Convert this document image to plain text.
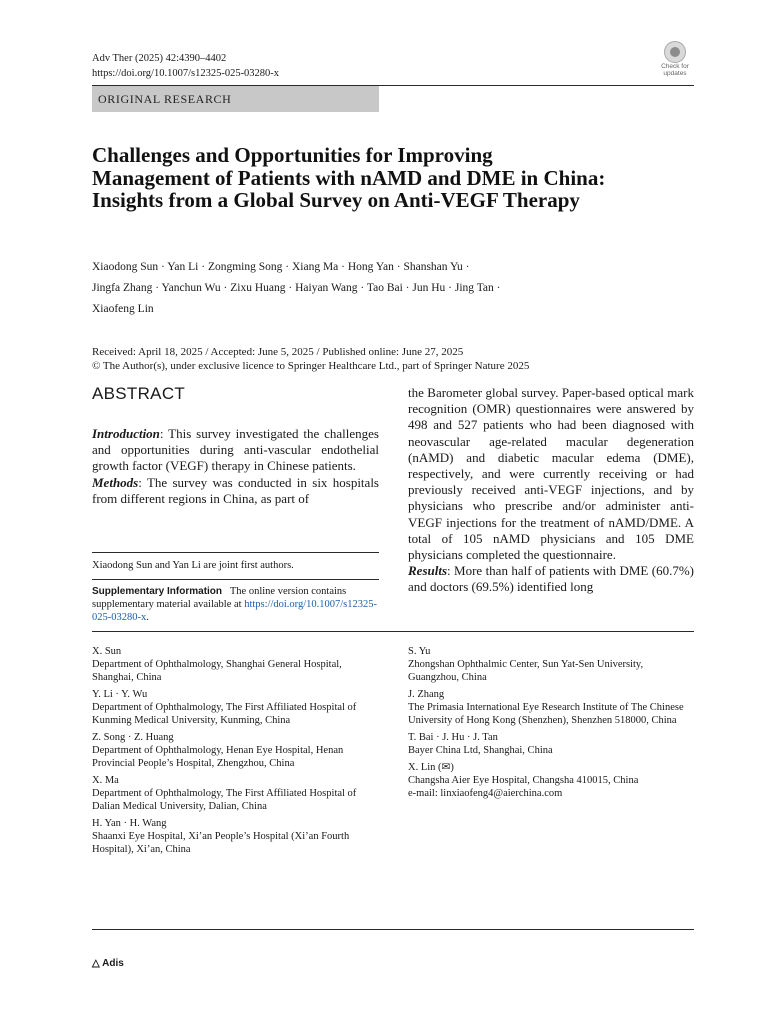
Adv Ther (2025) 42:4390–4402
https://doi.org/10.1007/s12325-025-03280-x
Check for
updates
ORIGINAL RESEARCH
Challenges and Opportunities for Improving Management of Patients with nAMD and DME in China: Insights from a Global Survey on Anti-VEGF Therapy
Xiaodong Sun · Yan Li · Zongming Song · Xiang Ma · Hong Yan · Shanshan Yu ·
Jingfa Zhang · Yanchun Wu · Zixu Huang · Haiyan Wang · Tao Bai · Jun Hu · Jing Tan ·
Xiaofeng Lin
Received: April 18, 2025 / Accepted: June 5, 2025 / Published online: June 27, 2025
© The Author(s), under exclusive licence to Springer Healthcare Ltd., part of Springer Nature 2025
ABSTRACT

Introduction: This survey investigated the challenges and opportunities during anti-vascular endothelial growth factor (VEGF) therapy in Chinese patients.

Methods: The survey was conducted in six hospitals from different regions in China, as part of

the Barometer global survey. Paper-based optical mark recognition (OMR) questionnaires were answered by 498 and 527 patients who had been diagnosed with neovascular age-related macular degeneration (nAMD) and diabetic macular edema (DME), respectively, and were currently receiving or had previously received anti-VEGF injections, and by physicians who prescribe and/or administer anti-VEGF injections for the treatment of nAMD/DME. A total of 105 nAMD physicians and 105 DME physicians completed the questionnaire.

Results: More than half of patients with DME (60.7%) and doctors (69.5%) identified long

Xiaodong Sun and Yan Li are joint first authors.
Supplementary Information The online version contains supplementary material available at https://doi.org/10.1007/s12325-025-03280-x.
X. Sun
Department of Ophthalmology, Shanghai General Hospital, Shanghai, China
Y. Li · Y. Wu
Department of Ophthalmology, The First Affiliated Hospital of Kunming Medical University, Kunming, China
Z. Song · Z. Huang
Department of Ophthalmology, Henan Eye Hospital, Henan Provincial People’s Hospital, Zhengzhou, China
X. Ma
Department of Ophthalmology, The First Affiliated Hospital of Dalian Medical University, Dalian, China
H. Yan · H. Wang
Shaanxi Eye Hospital, Xi’an People’s Hospital (Xi’an Fourth Hospital), Xi’an, China
S. Yu
Zhongshan Ophthalmic Center, Sun Yat-Sen University, Guangzhou, China
J. Zhang
The Primasia International Eye Research Institute of The Chinese University of Hong Kong (Shenzhen), Shenzhen 518000, China
T. Bai · J. Hu · J. Tan
Bayer China Ltd, Shanghai, China
X. Lin (✉)
Changsha Aier Eye Hospital, Changsha 410015, China
e-mail: linxiaofeng4@aierchina.com
△ Adis
